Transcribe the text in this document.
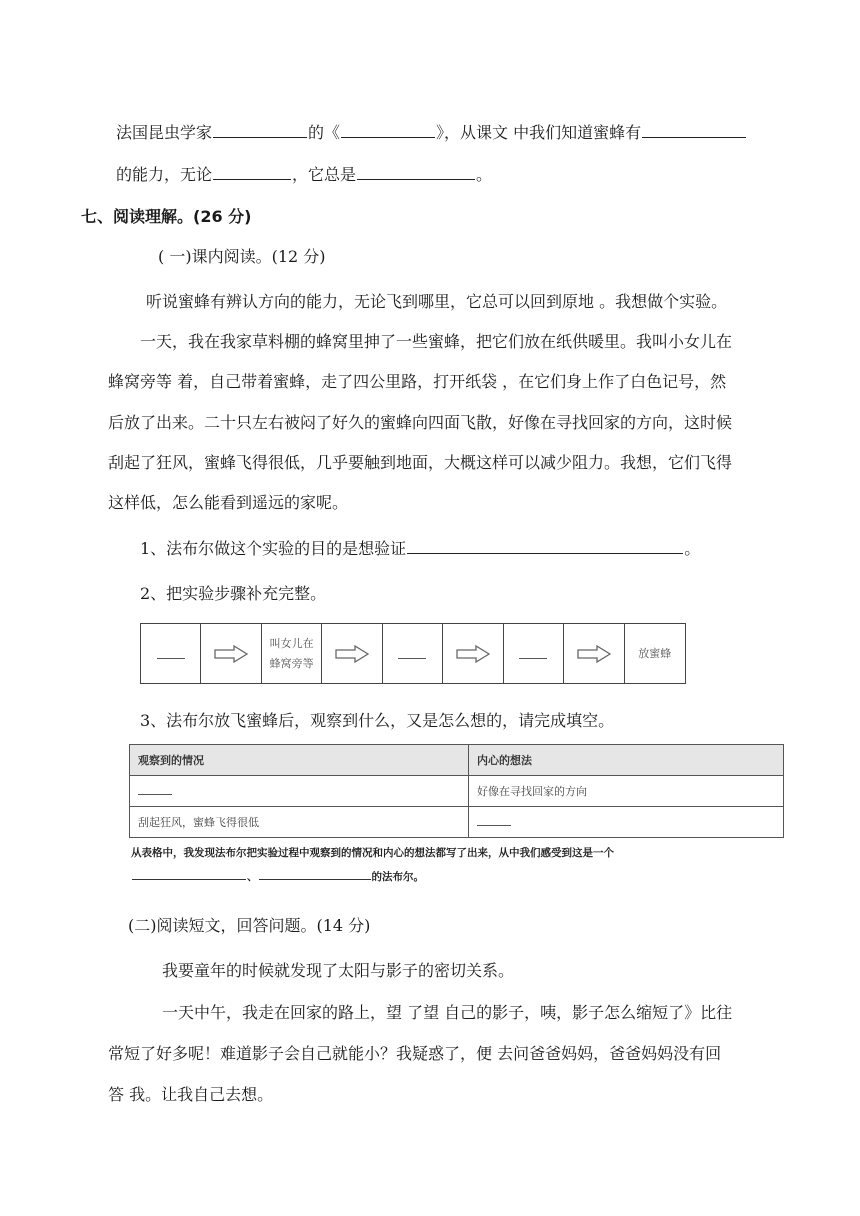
法国昆虫学家	的《	》，从课文 中我们知道蜜蜂有
的能力，无论	，它总是	。
七、阅读理解。(26 分)
( 一)课内阅读。(12 分)
听说蜜蜂有辨认方向的能力，无论飞到哪里，它总可以回到原地 。我想做个实验。
一天，我在我家草料棚的蜂窝里抻了一些蜜蜂，把它们放在纸供暖里。我叫小女儿在
蜂窝旁等 着，自己带着蜜蜂，走了四公里路，打开纸袋 ，在它们身上作了白色记号，然
后放了出来。二十只左右被闷了好久的蜜蜂向四面飞散，好像在寻找回家的方向，这时候
刮起了狂风，蜜蜂飞得很低，几乎要触到地面，大概这样可以减少阻力。我想，它们飞得
这样低，怎么能看到遥远的家呢。
1、法布尔做这个实验的目的是想验证	。
2、把实验步骤补充完整。
叫女儿在
蜂窝旁等
放蜜蜂
3、法布尔放飞蜜蜂后，观察到什么，又是怎么想的，请完成填空。
观察到的情况	内心的想法
	好像在寻找回家的方向
刮起狂风，蜜蜂飞得很低	
从表格中，我发现法布尔把实验过程中观察到的情况和内心的想法都写了出来，从中我们感受到这是一个
、	的法布尔。
(二)阅读短文，回答问题。(14 分)
我要童年的时候就发现了太阳与影子的密切关系。
一天中午，我走在回家的路上，望 了望 自己的影子，咦，影子怎么缩短了》比往
常短了好多呢！难道影子会自己就能小？我疑惑了，便 去问爸爸妈妈，爸爸妈妈没有回
答 我。让我自己去想。
